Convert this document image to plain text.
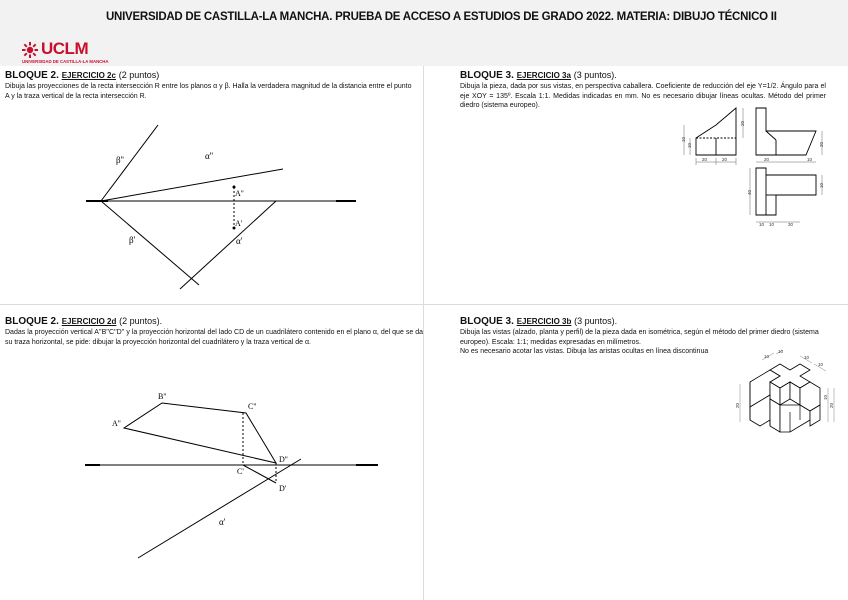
UCLM
UNIVERSIDAD DE CASTILLA-LA MANCHA
UNIVERSIDAD DE CASTILLA-LA MANCHA. PRUEBA DE ACCESO A ESTUDIOS DE GRADO 2022. MATERIA: DIBUJO TÉCNICO II
BLOQUE 2. EJERCICIO 2c (2 puntos)
Dibuja las proyecciones de la recta intersección R entre los planos α y β. Halla la verdadera magnitud de la distancia entre el punto A y la traza vertical de la recta intersección R.
β''	α''
A''
A'
β'	α'
BLOQUE 3. EJERCICIO 3a (3 puntos).
Dibuja la pieza, dada por sus vistas, en perspectiva caballera. Coeficiente de reducción del eje Y=1/2. Ángulo para el eje XOY = 135º. Escala 1:1. Medidas indicadas en mm. No es necesario dibujar líneas ocultas. Método del primer diedro (sistema europeo).
20	20
10
10
20
20	10
20
10
40
10 10	30
BLOQUE 2. EJERCICIO 2d (2 puntos).
Dadas la proyección vertical A''B''C''D'' y la proyección horizontal del lado CD de un cuadrilátero contenido en el plano α, del que se da su traza horizontal, se pide: dibujar la proyección horizontal del cuadrilátero y la traza vertical de α.
A''
B''
C''
D''
C'
D'
α'
BLOQUE 3. EJERCICIO 3b (3 puntos).
Dibuja las vistas (alzado, planta y perfil) de la pieza dada en isométrica, según el método del primer diedro (sistema europeo). Escala: 1:1; medidas expresadas en milímetros.
No es necesario acotar las vistas. Dibuja las aristas ocultas en línea discontinua
10
10
10
10
20
10
20
